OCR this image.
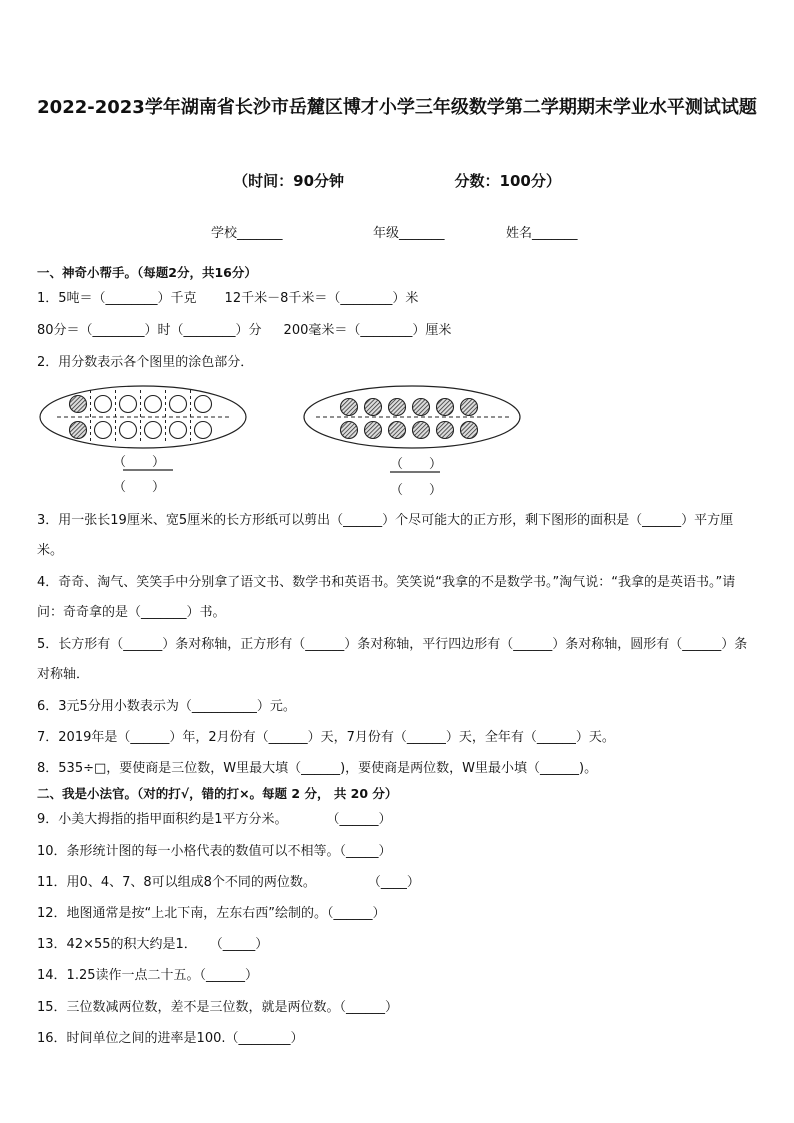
2022-2023学年湖南省长沙市岳麓区博才小学三年级数学第二学期期末学业水平测试试题
（时间：90分钟	分数：100分）
学校_______	年级_______	姓名_______
一、神奇小帮手。（每题2分，共16分）
1．5吨＝（________）千克 12千米－8千米＝（________）米
80分＝（________）时（________）分 200毫米＝（________）厘米
2．用分数表示各个图里的涂色部分．
（　　）
（　　）
（　　）
（　　）
3．用一张长19厘米、宽5厘米的长方形纸可以剪出（______）个尽可能大的正方形，剩下图形的面积是（______）平方厘米。
4．奇奇、淘气、笑笑手中分别拿了语文书、数学书和英语书。笑笑说“我拿的不是数学书。”淘气说：“我拿的是英语书。”请问：奇奇拿的是（_______）书。
5．长方形有（______）条对称轴，正方形有（______）条对称轴，平行四边形有（______）条对称轴，圆形有（______）条对称轴．
6．3元5分用小数表示为（__________）元。
7．2019年是（______）年，2月份有（______）天，7月份有（______）天，全年有（______）天。
8．535÷□，要使商是三位数，W里最大填（______)，要使商是两位数，W里最小填（______)。
二、我是小法官。（对的打√，错的打×。每题 2 分， 共 20 分）
9．小美大拇指的指甲面积约是1平方分米。　　　　（______）
10．条形统计图的每一小格代表的数值可以不相等。（_____）
11．用0、4、7、8可以组成8个不同的两位数。　　　　　（____）
12．地图通常是按“上北下南，左东右西”绘制的。（______）
13．42×55的积大约是1．　　（_____）
14．1.25读作一点二十五。（______）
15．三位数减两位数，差不是三位数，就是两位数。（______）
16．时间单位之间的进率是100.（________）
